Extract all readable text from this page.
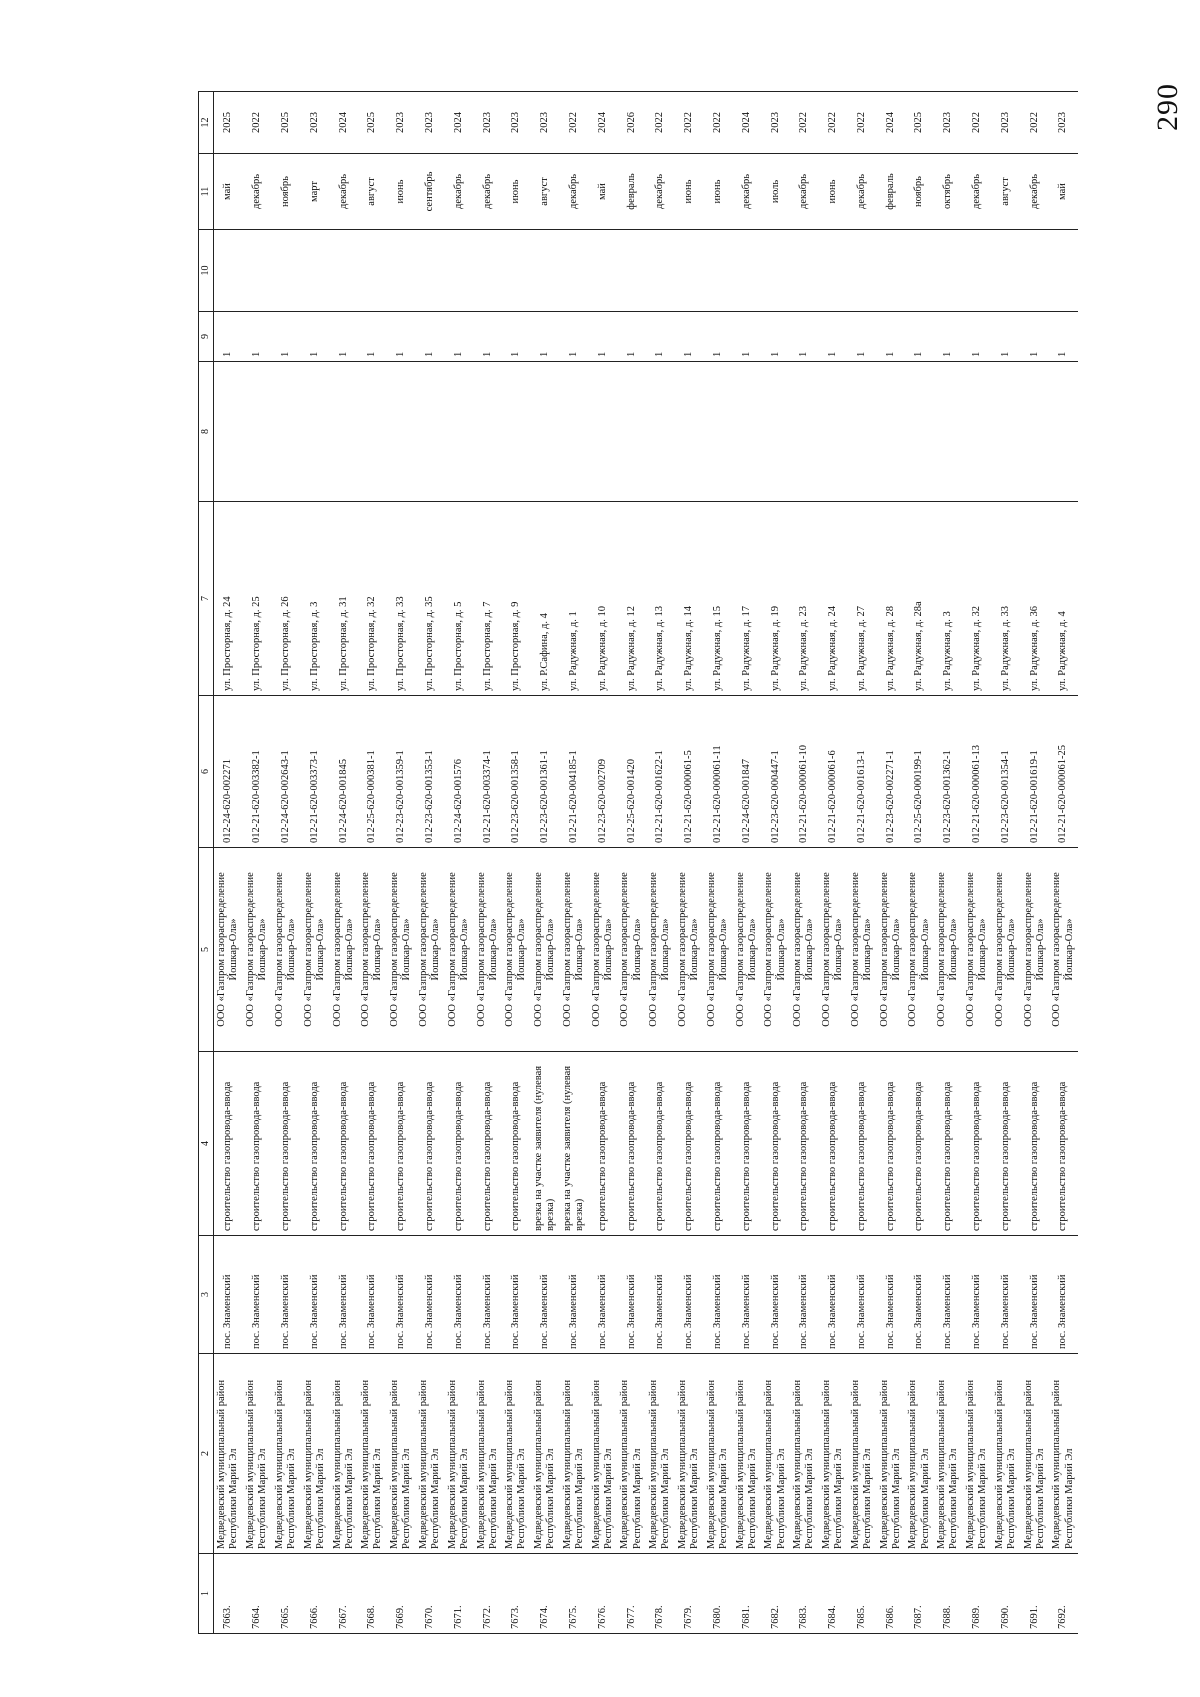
290
1	2	3	4	5	6	7	8	9	10	11	12
7663.	Медведевский муниципальный район Республики Марий Эл	пос. Знаменский	строительство газопровода-ввода	ООО «Газпром газораспределение Йошкар-Ола»	012-24-620-002271	ул. Просторная, д. 24		1		май	2025
7664.	Медведевский муниципальный район Республики Марий Эл	пос. Знаменский	строительство газопровода-ввода	ООО «Газпром газораспределение Йошкар-Ола»	012-21-620-003382-1	ул. Просторная, д. 25		1		декабрь	2022
7665.	Медведевский муниципальный район Республики Марий Эл	пос. Знаменский	строительство газопровода-ввода	ООО «Газпром газораспределение Йошкар-Ола»	012-24-620-002643-1	ул. Просторная, д. 26		1		ноябрь	2025
7666.	Медведевский муниципальный район Республики Марий Эл	пос. Знаменский	строительство газопровода-ввода	ООО «Газпром газораспределение Йошкар-Ола»	012-21-620-003373-1	ул. Просторная, д. 3		1		март	2023
7667.	Медведевский муниципальный район Республики Марий Эл	пос. Знаменский	строительство газопровода-ввода	ООО «Газпром газораспределение Йошкар-Ола»	012-24-620-001845	ул. Просторная, д. 31		1		декабрь	2024
7668.	Медведевский муниципальный район Республики Марий Эл	пос. Знаменский	строительство газопровода-ввода	ООО «Газпром газораспределение Йошкар-Ола»	012-25-620-000381-1	ул. Просторная, д. 32		1		август	2025
7669.	Медведевский муниципальный район Республики Марий Эл	пос. Знаменский	строительство газопровода-ввода	ООО «Газпром газораспределение Йошкар-Ола»	012-23-620-001359-1	ул. Просторная, д. 33		1		июнь	2023
7670.	Медведевский муниципальный район Республики Марий Эл	пос. Знаменский	строительство газопровода-ввода	ООО «Газпром газораспределение Йошкар-Ола»	012-23-620-001353-1	ул. Просторная, д. 35		1		сентябрь	2023
7671.	Медведевский муниципальный район Республики Марий Эл	пос. Знаменский	строительство газопровода-ввода	ООО «Газпром газораспределение Йошкар-Ола»	012-24-620-001576	ул. Просторная, д. 5		1		декабрь	2024
7672.	Медведевский муниципальный район Республики Марий Эл	пос. Знаменский	строительство газопровода-ввода	ООО «Газпром газораспределение Йошкар-Ола»	012-21-620-003374-1	ул. Просторная, д. 7		1		декабрь	2023
7673.	Медведевский муниципальный район Республики Марий Эл	пос. Знаменский	строительство газопровода-ввода	ООО «Газпром газораспределение Йошкар-Ола»	012-23-620-001358-1	ул. Просторная, д. 9		1		июнь	2023
7674.	Медведевский муниципальный район Республики Марий Эл	пос. Знаменский	врезка на участке заявителя (нулевая врезка)	ООО «Газпром газораспределение Йошкар-Ола»	012-23-620-001361-1	ул. Р.Сафина, д. 4		1		август	2023
7675.	Медведевский муниципальный район Республики Марий Эл	пос. Знаменский	врезка на участке заявителя (нулевая врезка)	ООО «Газпром газораспределение Йошкар-Ола»	012-21-620-004185-1	ул. Радужная, д. 1		1		декабрь	2022
7676.	Медведевский муниципальный район Республики Марий Эл	пос. Знаменский	строительство газопровода-ввода	ООО «Газпром газораспределение Йошкар-Ола»	012-23-620-002709	ул. Радужная, д. 10		1		май	2024
7677.	Медведевский муниципальный район Республики Марий Эл	пос. Знаменский	строительство газопровода-ввода	ООО «Газпром газораспределение Йошкар-Ола»	012-25-620-001420	ул. Радужная, д. 12		1		февраль	2026
7678.	Медведевский муниципальный район Республики Марий Эл	пос. Знаменский	строительство газопровода-ввода	ООО «Газпром газораспределение Йошкар-Ола»	012-21-620-001622-1	ул. Радужная, д. 13		1		декабрь	2022
7679.	Медведевский муниципальный район Республики Марий Эл	пос. Знаменский	строительство газопровода-ввода	ООО «Газпром газораспределение Йошкар-Ола»	012-21-620-000061-5	ул. Радужная, д. 14		1		июнь	2022
7680.	Медведевский муниципальный район Республики Марий Эл	пос. Знаменский	строительство газопровода-ввода	ООО «Газпром газораспределение Йошкар-Ола»	012-21-620-000061-11	ул. Радужная, д. 15		1		июнь	2022
7681.	Медведевский муниципальный район Республики Марий Эл	пос. Знаменский	строительство газопровода-ввода	ООО «Газпром газораспределение Йошкар-Ола»	012-24-620-001847	ул. Радужная, д. 17		1		декабрь	2024
7682.	Медведевский муниципальный район Республики Марий Эл	пос. Знаменский	строительство газопровода-ввода	ООО «Газпром газораспределение Йошкар-Ола»	012-23-620-000447-1	ул. Радужная, д. 19		1		июль	2023
7683.	Медведевский муниципальный район Республики Марий Эл	пос. Знаменский	строительство газопровода-ввода	ООО «Газпром газораспределение Йошкар-Ола»	012-21-620-000061-10	ул. Радужная, д. 23		1		декабрь	2022
7684.	Медведевский муниципальный район Республики Марий Эл	пос. Знаменский	строительство газопровода-ввода	ООО «Газпром газораспределение Йошкар-Ола»	012-21-620-000061-6	ул. Радужная, д. 24		1		июнь	2022
7685.	Медведевский муниципальный район Республики Марий Эл	пос. Знаменский	строительство газопровода-ввода	ООО «Газпром газораспределение Йошкар-Ола»	012-21-620-001613-1	ул. Радужная, д. 27		1		декабрь	2022
7686.	Медведевский муниципальный район Республики Марий Эл	пос. Знаменский	строительство газопровода-ввода	ООО «Газпром газораспределение Йошкар-Ола»	012-23-620-002271-1	ул. Радужная, д. 28		1		февраль	2024
7687.	Медведевский муниципальный район Республики Марий Эл	пос. Знаменский	строительство газопровода-ввода	ООО «Газпром газораспределение Йошкар-Ола»	012-25-620-000199-1	ул. Радужная, д. 28а		1		ноябрь	2025
7688.	Медведевский муниципальный район Республики Марий Эл	пос. Знаменский	строительство газопровода-ввода	ООО «Газпром газораспределение Йошкар-Ола»	012-23-620-001362-1	ул. Радужная, д. 3		1		октябрь	2023
7689.	Медведевский муниципальный район Республики Марий Эл	пос. Знаменский	строительство газопровода-ввода	ООО «Газпром газораспределение Йошкар-Ола»	012-21-620-000061-13	ул. Радужная, д. 32		1		декабрь	2022
7690.	Медведевский муниципальный район Республики Марий Эл	пос. Знаменский	строительство газопровода-ввода	ООО «Газпром газораспределение Йошкар-Ола»	012-23-620-001354-1	ул. Радужная, д. 33		1		август	2023
7691.	Медведевский муниципальный район Республики Марий Эл	пос. Знаменский	строительство газопровода-ввода	ООО «Газпром газораспределение Йошкар-Ола»	012-21-620-001619-1	ул. Радужная, д. 36		1		декабрь	2022
7692.	Медведевский муниципальный район Республики Марий Эл	пос. Знаменский	строительство газопровода-ввода	ООО «Газпром газораспределение Йошкар-Ола»	012-21-620-000061-25	ул. Радужная, д. 4		1		май	2023
